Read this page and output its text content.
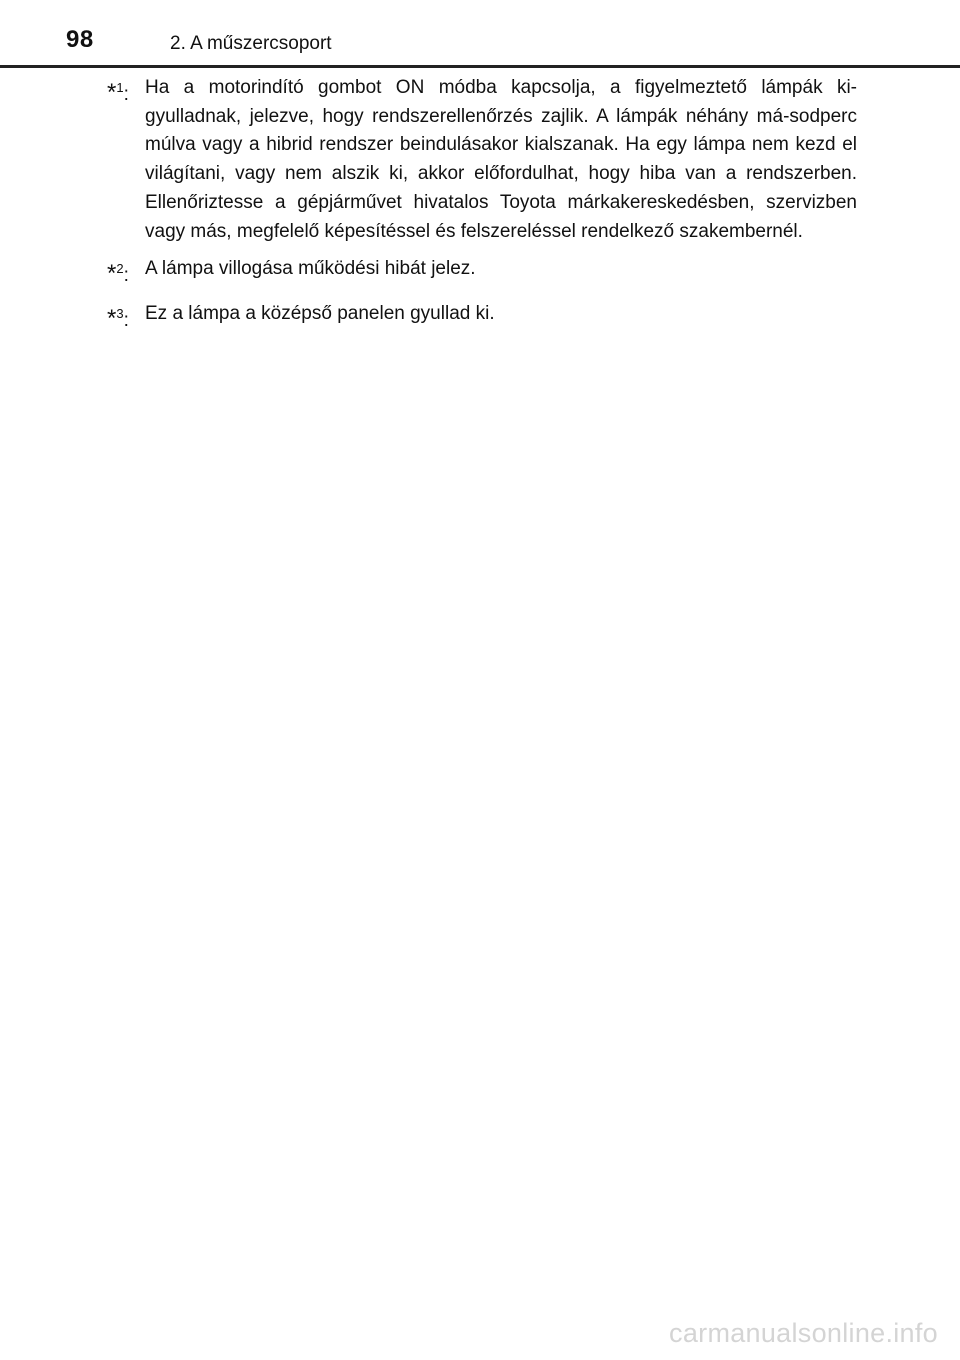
98	2. A műszercsoport
*$^1$: Ha a motorindító gombot ON módba kapcsolja, a figyelmeztető lámpák ki-gyulladnak, jelezve, hogy rendszerellenőrzés zajlik. A lámpák néhány má-sodperc múlva vagy a hibrid rendszer beindulásakor kialszanak. Ha egy lámpa nem kezd el világítani, vagy nem alszik ki, akkor előfordulhat, hogy hiba van a rendszerben. Ellenőriztesse a gépjárművet hivatalos Toyota márkakereskedésben, szervizben vagy más, megfelelő képesítéssel és felszereléssel rendelkező szakembernél.
*$^2$: A lámpa villogása működési hibát jelez.
*$^3$: Ez a lámpa a középső panelen gyullad ki.
carmanualsonline.info
